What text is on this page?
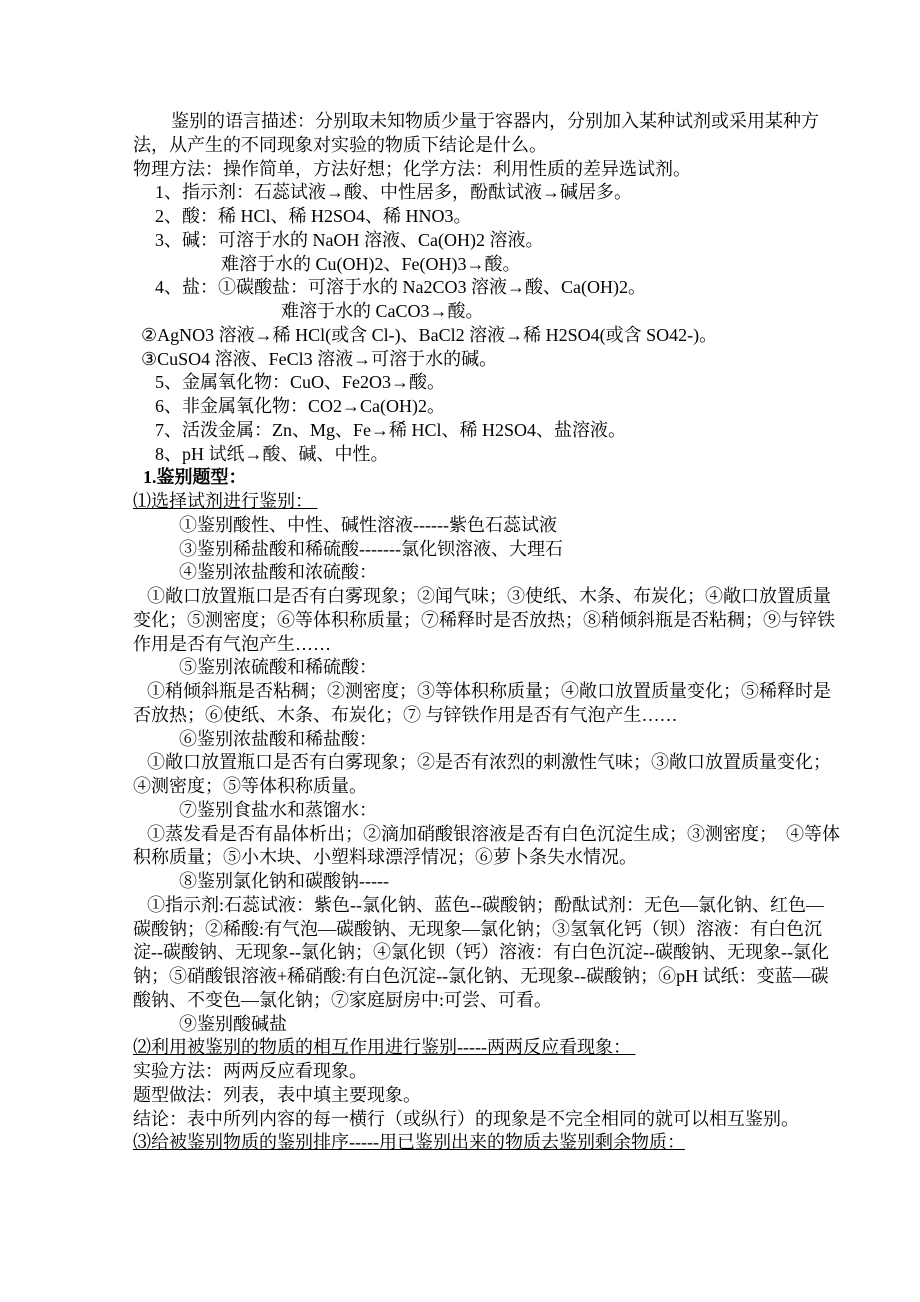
鉴别的语言描述：分别取未知物质少量于容器内，分别加入某种试剂或采用某种方法，从产生的不同现象对实验的物质下结论是什么。

物理方法：操作简单，方法好想；化学方法：利用性质的差异选试剂。

1、指示剂：石蕊试液→酸、中性居多，酚酞试液→碱居多。

2、酸：稀 HCl、稀 H2SO4、稀 HNO3。

3、碱：可溶于水的 NaOH 溶液、Ca(OH)2 溶液。

难溶于水的 Cu(OH)2、Fe(OH)3→酸。

4、盐：①碳酸盐：可溶于水的 Na2CO3 溶液→酸、Ca(OH)2。

难溶于水的 CaCO3→酸。

②AgNO3 溶液→稀 HCl(或含 Cl-)、BaCl2 溶液→稀 H2SO4(或含 SO42-)。

③CuSO4 溶液、FeCl3 溶液→可溶于水的碱。

5、金属氧化物：CuO、Fe2O3→酸。

6、非金属氧化物：CO2→Ca(OH)2。

7、活泼金属：Zn、Mg、Fe→稀 HCl、稀 H2SO4、盐溶液。

8、pH 试纸→酸、碱、中性。

1.鉴别题型：

⑴选择试剂进行鉴别：

①鉴别酸性、中性、碱性溶液------紫色石蕊试液

③鉴别稀盐酸和稀硫酸-------氯化钡溶液、大理石

④鉴别浓盐酸和浓硫酸：

①敞口放置瓶口是否有白雾现象；②闻气味；③使纸、木条、布炭化；④敞口放置质量变化；⑤测密度；⑥等体积称质量；⑦稀释时是否放热；⑧稍倾斜瓶是否粘稠；⑨与锌铁作用是否有气泡产生……

⑤鉴别浓硫酸和稀硫酸：

①稍倾斜瓶是否粘稠；②测密度；③等体积称质量；④敞口放置质量变化；⑤稀释时是否放热；⑥使纸、木条、布炭化；⑦ 与锌铁作用是否有气泡产生……

⑥鉴别浓盐酸和稀盐酸：

①敞口放置瓶口是否有白雾现象；②是否有浓烈的刺激性气味；③敞口放置质量变化；  ④测密度；⑤等体积称质量。

⑦鉴别食盐水和蒸馏水：

①蒸发看是否有晶体析出；②滴加硝酸银溶液是否有白色沉淀生成；③测密度；  ④等体积称质量；⑤小木块、小塑料球漂浮情况；⑥萝卜条失水情况。

⑧鉴别氯化钠和碳酸钠-----

①指示剂:石蕊试液：紫色--氯化钠、蓝色--碳酸钠；酚酞试剂：无色—氯化钠、红色—碳酸钠；②稀酸:有气泡—碳酸钠、无现象—氯化钠；③氢氧化钙（钡）溶液：有白色沉淀--碳酸钠、无现象--氯化钠；④氯化钡（钙）溶液：有白色沉淀--碳酸钠、无现象--氯化钠；⑤硝酸银溶液+稀硝酸:有白色沉淀--氯化钠、无现象--碳酸钠；⑥pH 试纸：变蓝—碳酸钠、不变色—氯化钠；⑦家庭厨房中:可尝、可看。

⑨鉴别酸碱盐

⑵利用被鉴别的物质的相互作用进行鉴别-----两两反应看现象：

实验方法：两两反应看现象。

题型做法：列表，表中填主要现象。

结论：表中所列内容的每一横行（或纵行）的现象是不完全相同的就可以相互鉴别。

⑶给被鉴别物质的鉴别排序-----用已鉴别出来的物质去鉴别剩余物质：
